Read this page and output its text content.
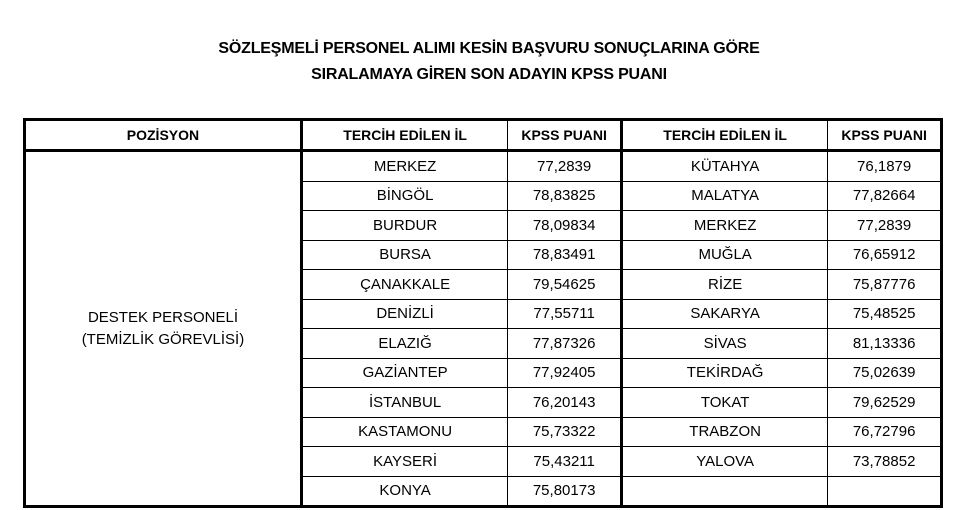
SÖZLEŞMELİ PERSONEL ALIMI KESİN BAŞVURU SONUÇLARINA GÖRE
SIRALAMAYA GİREN SON ADAYIN KPSS PUANI
POZİSYON	TERCİH EDİLEN İL	KPSS PUANI	TERCİH EDİLEN İL	KPSS PUANI

DESTEK PERSONELİ
(TEMİZLİK GÖREVLİSİ)	MERKEZ	77,2839	KÜTAHYA	76,1879
	BİNGÖL	78,83825	MALATYA	77,82664
	BURDUR	78,09834	MERKEZ	77,2839
	BURSA	78,83491	MUĞLA	76,65912
	ÇANAKKALE	79,54625	RİZE	75,87776
	DENİZLİ	77,55711	SAKARYA	75,48525
	ELAZIĞ	77,87326	SİVAS	81,13336
	GAZİANTEP	77,92405	TEKİRDAĞ	75,02639
	İSTANBUL	76,20143	TOKAT	79,62529
	KASTAMONU	75,73322	TRABZON	76,72796
	KAYSERİ	75,43211	YALOVA	73,78852
	KONYA	75,80173		
